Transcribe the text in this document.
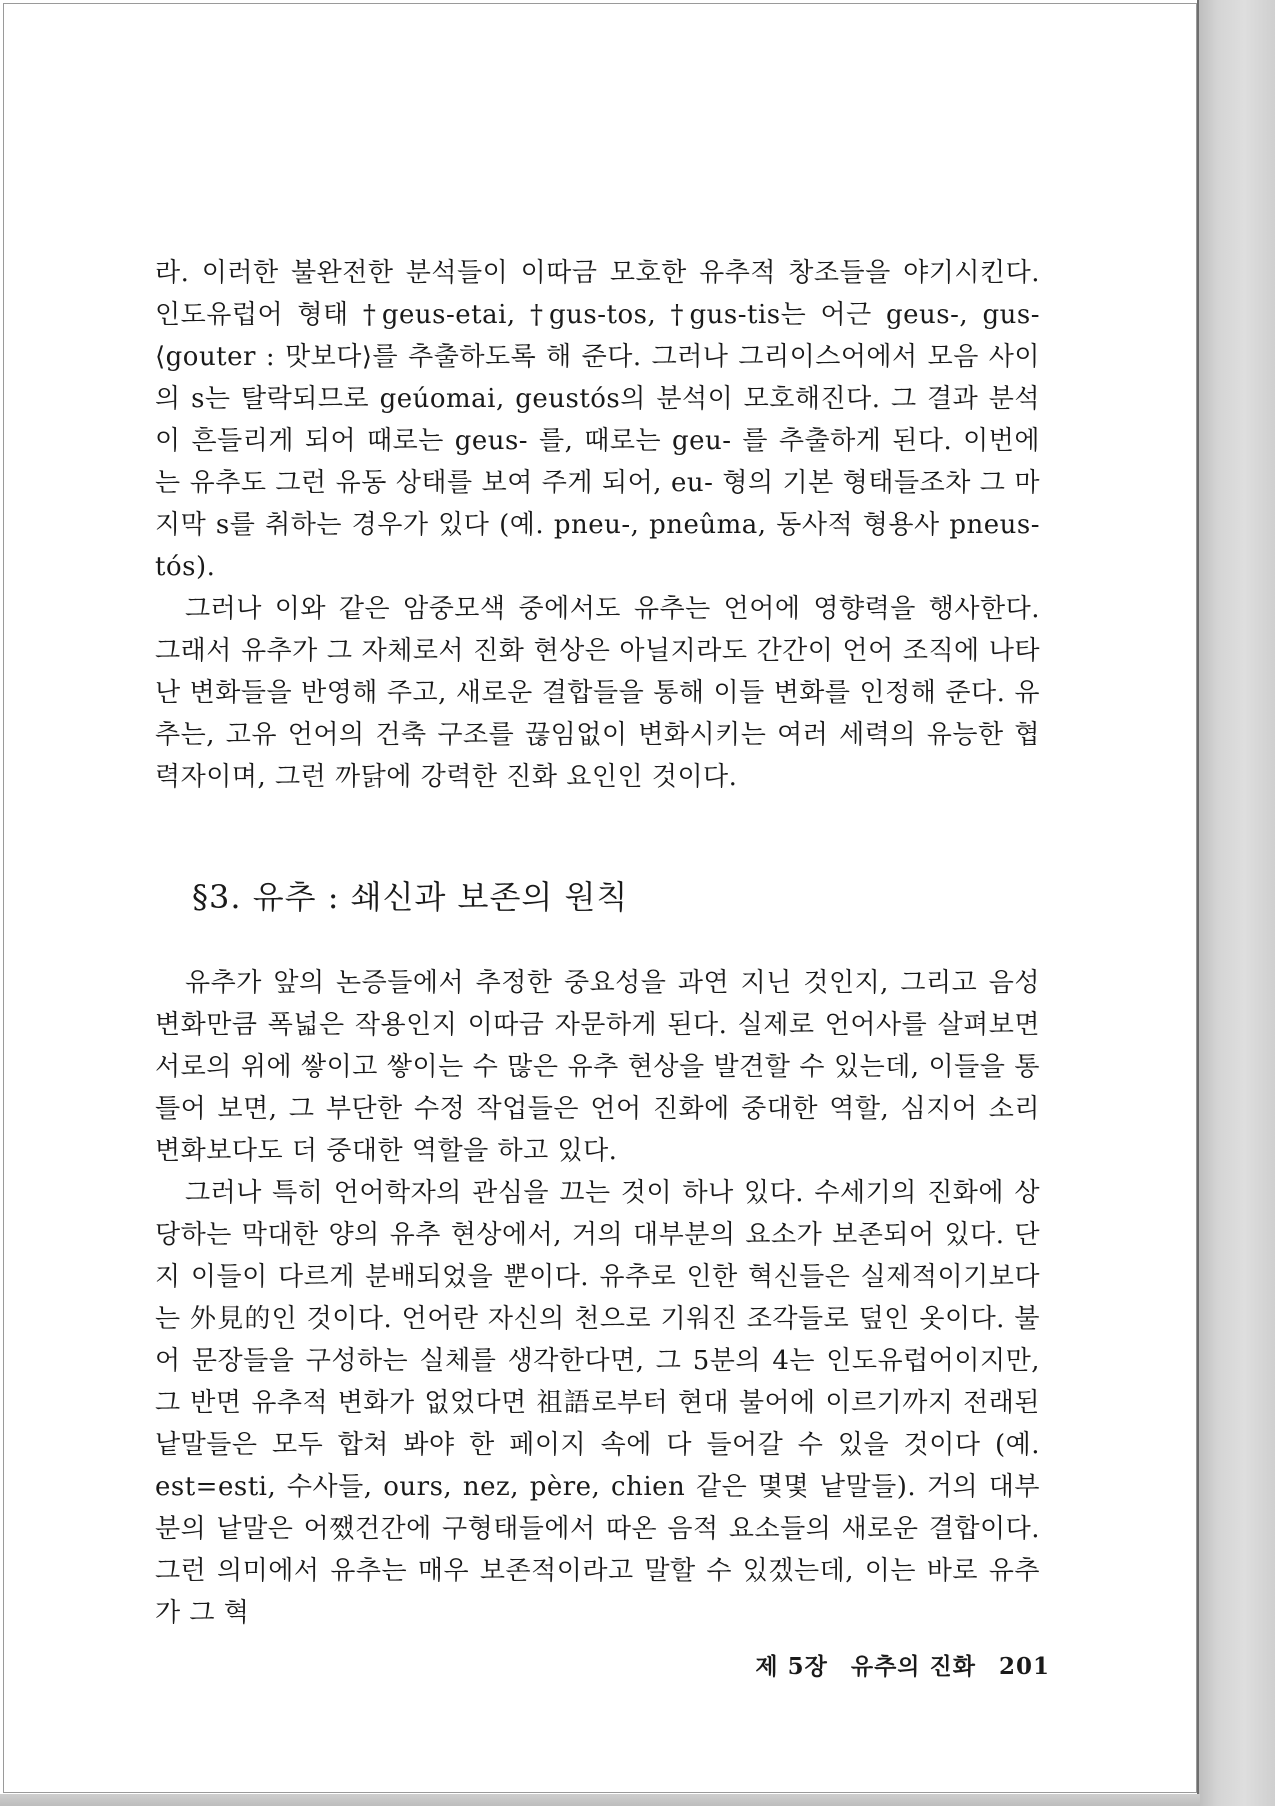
라. 이러한 불완전한 분석들이 이따금 모호한 유추적 창조들을 야기시킨다. 인도유럽어 형태 †geus-etai, †gus-tos, †gus-tis는 어근 geus-, gus- ⟨gouter : 맛보다⟩를 추출하도록 해 준다. 그러나 그리이스어에서 모음 사이의 s는 탈락되므로 geúomai, geustós의 분석이 모호해진다. 그 결과 분석이 흔들리게 되어 때로는 geus- 를, 때로는 geu- 를 추출하게 된다. 이번에는 유추도 그런 유동 상태를 보여 주게 되어, eu- 형의 기본 형태들조차 그 마지막 s를 취하는 경우가 있다 (예. pneu-, pneûma, 동사적 형용사 pneus-tós).

그러나 이와 같은 암중모색 중에서도 유추는 언어에 영향력을 행사한다. 그래서 유추가 그 자체로서 진화 현상은 아닐지라도 간간이 언어 조직에 나타난 변화들을 반영해 주고, 새로운 결합들을 통해 이들 변화를 인정해 준다. 유추는, 고유 언어의 건축 구조를 끊임없이 변화시키는 여러 세력의 유능한 협력자이며, 그런 까닭에 강력한 진화 요인인 것이다.

§3. 유추 : 쇄신과 보존의 원칙

유추가 앞의 논증들에서 추정한 중요성을 과연 지닌 것인지, 그리고 음성 변화만큼 폭넓은 작용인지 이따금 자문하게 된다. 실제로 언어사를 살펴보면 서로의 위에 쌓이고 쌓이는 수 많은 유추 현상을 발견할 수 있는데, 이들을 통틀어 보면, 그 부단한 수정 작업들은 언어 진화에 중대한 역할, 심지어 소리 변화보다도 더 중대한 역할을 하고 있다.

그러나 특히 언어학자의 관심을 끄는 것이 하나 있다. 수세기의 진화에 상당하는 막대한 양의 유추 현상에서, 거의 대부분의 요소가 보존되어 있다. 단지 이들이 다르게 분배되었을 뿐이다. 유추로 인한 혁신들은 실제적이기보다는 外見的인 것이다. 언어란 자신의 천으로 기워진 조각들로 덮인 옷이다. 불어 문장들을 구성하는 실체를 생각한다면, 그 5분의 4는 인도유럽어이지만, 그 반면 유추적 변화가 없었다면 祖語로부터 현대 불어에 이르기까지 전래된 낱말들은 모두 합쳐 봐야 한 페이지 속에 다 들어갈 수 있을 것이다 (예. est=esti, 수사들, ours, nez, père, chien 같은 몇몇 낱말들). 거의 대부분의 낱말은 어쨌건간에 구형태들에서 따온 음적 요소들의 새로운 결합이다. 그런 의미에서 유추는 매우 보존적이라고 말할 수 있겠는데, 이는 바로 유추가 그 혁

제 5장 유추의 진화 201
